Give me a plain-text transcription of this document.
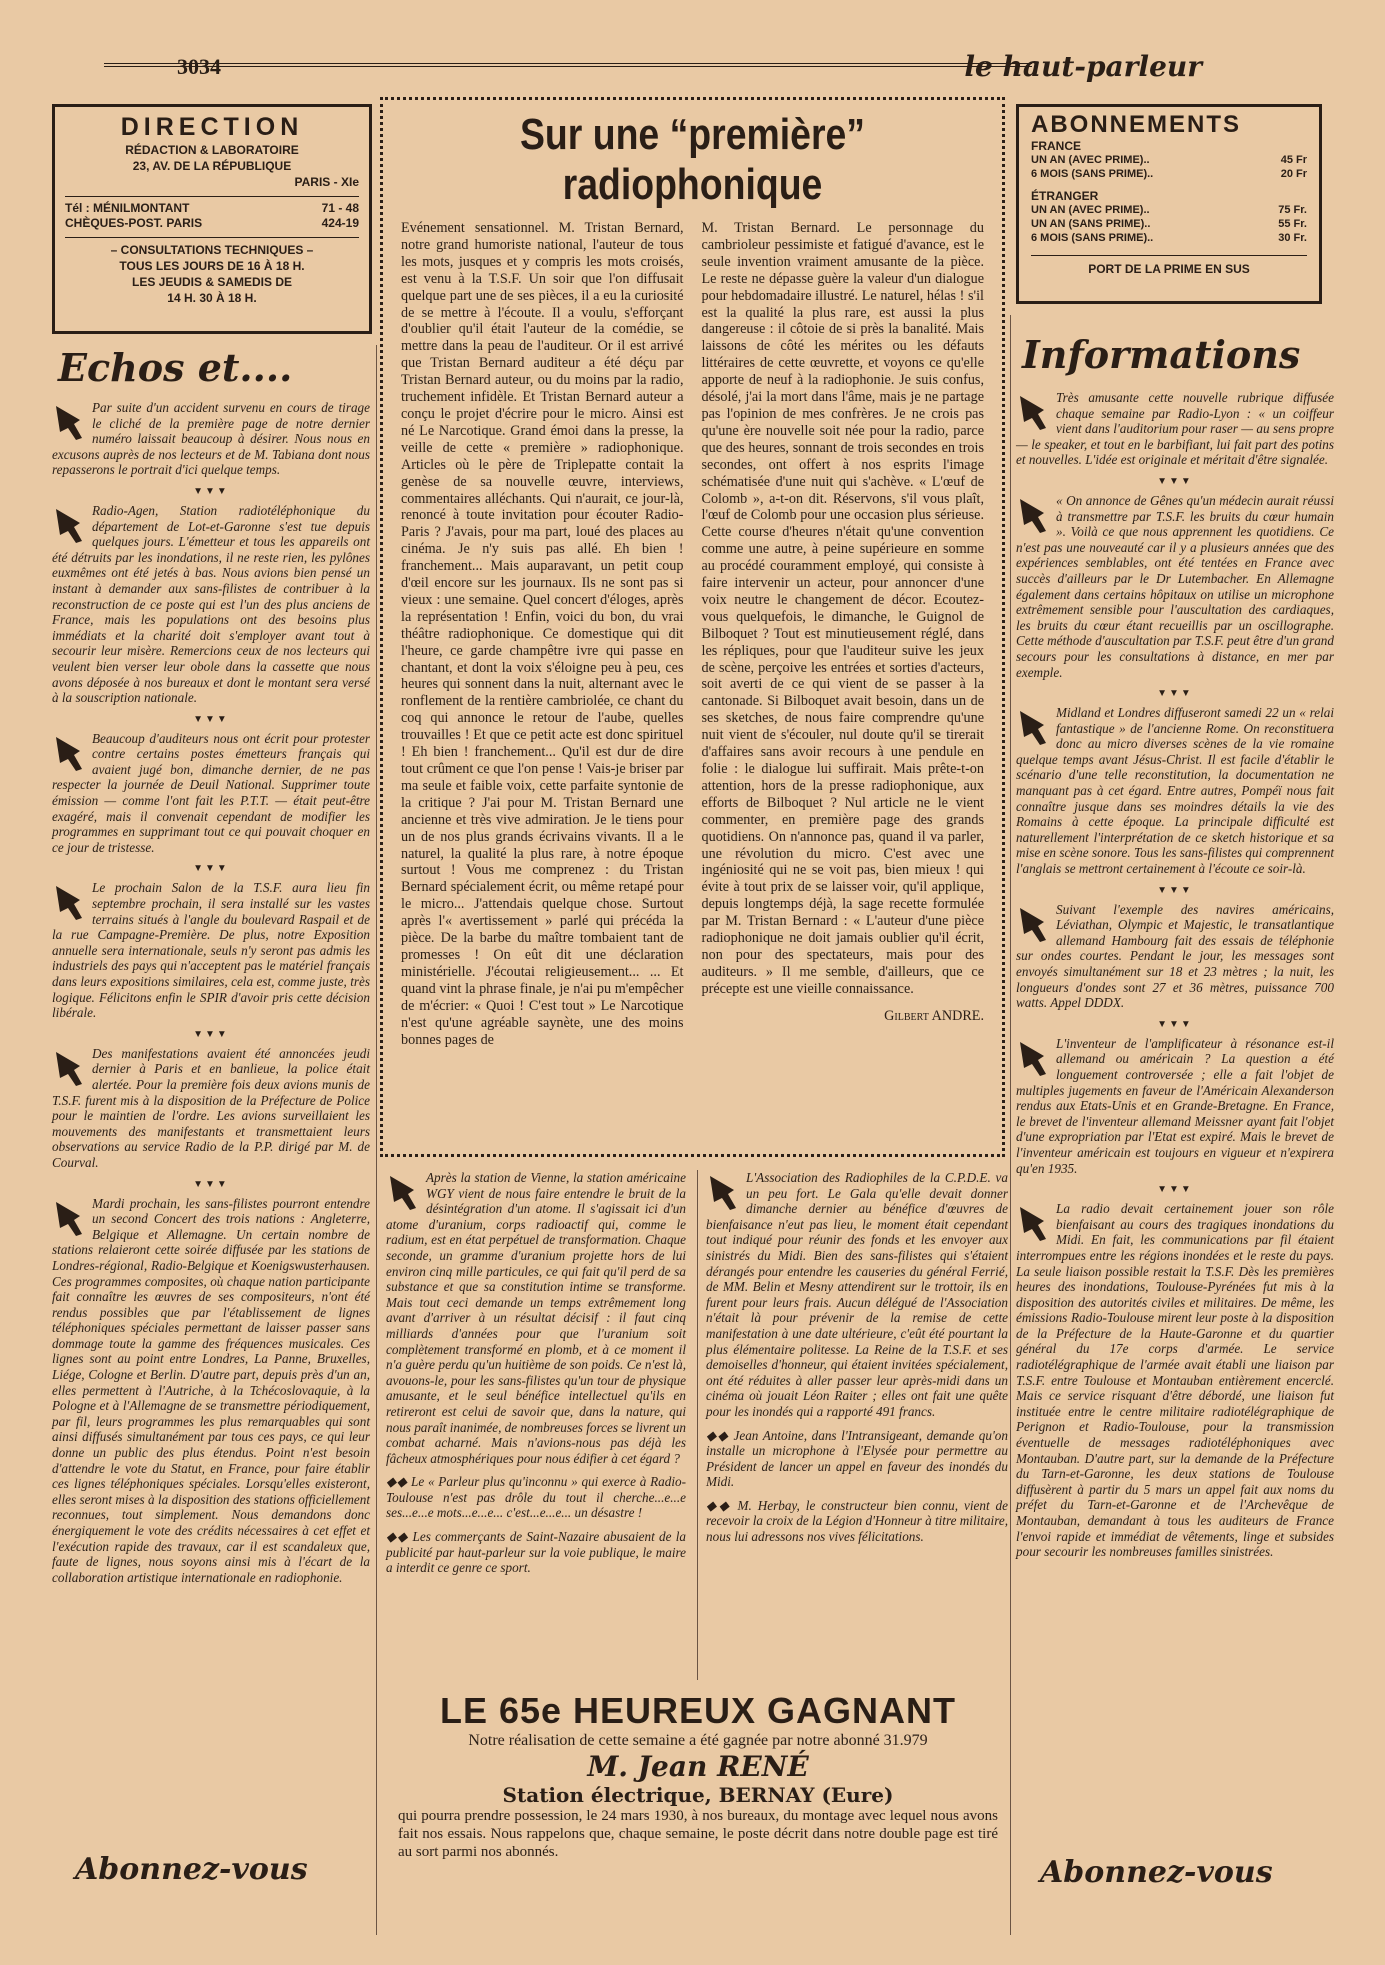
3034	le haut-parleur
DIRECTION
RÉDACTION & LABORATOIRE
23, AV. DE LA RÉPUBLIQUE
PARIS - XIe
Tél : MÉNILMONTANT	71 - 48
CHÈQUES-POST. PARIS	424-19
– CONSULTATIONS TECHNIQUES –
TOUS LES JOURS DE 16 À 18 H.
LES JEUDIS & SAMEDIS DE
14 H. 30 À 18 H.
Sur une “première” radiophonique
Evénement sensationnel. M. Tristan Bernard, notre grand humoriste national, l'auteur de tous les mots, jusques et y compris les mots croisés, est venu à la T.S.F. Un soir que l'on diffusait quelque part une de ses pièces, il a eu la curiosité de se mettre à l'écoute. Il a voulu, s'efforçant d'oublier qu'il était l'auteur de la comédie, se mettre dans la peau de l'auditeur. Or il est arrivé que Tristan Bernard auditeur a été déçu par Tristan Bernard auteur, ou du moins par la radio, truchement infidèle. Et Tristan Bernard auteur a conçu le projet d'écrire pour le micro. Ainsi est né Le Narcotique. Grand émoi dans la presse, la veille de cette « première » radiophonique. Articles où le père de Triplepatte contait la genèse de sa nouvelle œuvre, interviews, commentaires alléchants. Qui n'aurait, ce jour-là, renoncé à toute invitation pour écouter Radio-Paris ? J'avais, pour ma part, loué des places au cinéma. Je n'y suis pas allé. Eh bien ! franchement... Mais auparavant, un petit coup d'œil encore sur les journaux. Ils ne sont pas si vieux : une semaine. Quel concert d'éloges, après la représentation ! Enfin, voici du bon, du vrai théâtre radiophonique. Ce domestique qui dit l'heure, ce garde champêtre ivre qui passe en chantant, et dont la voix s'éloigne peu à peu, ces heures qui sonnent dans la nuit, alternant avec le ronflement de la rentière cambriolée, ce chant du coq qui annonce le retour de l'aube, quelles trouvailles ! Et que ce petit acte est donc spirituel ! Eh bien ! franchement... Qu'il est dur de dire tout crûment ce que l'on pense ! Vais-je briser par ma seule et faible voix, cette parfaite syntonie de la critique ? J'ai pour M. Tristan Bernard une ancienne et très vive admiration. Je le tiens pour un de nos plus grands écrivains vivants. Il a le naturel, la qualité la plus rare, à notre époque surtout ! Vous me comprenez : du Tristan Bernard spécialement écrit, ou même retapé pour le micro... J'attendais quelque chose. Surtout après l'« avertissement » parlé qui précéda la pièce. De la barbe du maître tombaient tant de promesses ! On eût dit une déclaration ministérielle. J'écoutai religieusement... ... Et quand vint la phrase finale, je n'ai pu m'empêcher de m'écrier: « Quoi ! C'est tout » Le Narcotique n'est qu'une agréable saynète, une des moins bonnes pages de
M. Tristan Bernard. Le personnage du cambrioleur pessimiste et fatigué d'avance, est le seule invention vraiment amusante de la pièce. Le reste ne dépasse guère la valeur d'un dialogue pour hebdomadaire illustré. Le naturel, hélas ! s'il est la qualité la plus rare, est aussi la plus dangereuse : il côtoie de si près la banalité. Mais laissons de côté les mérites ou les défauts littéraires de cette œuvrette, et voyons ce qu'elle apporte de neuf à la radiophonie. Je suis confus, désolé, j'ai la mort dans l'âme, mais je ne partage pas l'opinion de mes confrères. Je ne crois pas qu'une ère nouvelle soit née pour la radio, parce que des heures, sonnant de trois secondes en trois secondes, ont offert à nos esprits l'image schématisée d'une nuit qui s'achève. « L'œuf de Colomb », a-t-on dit. Réservons, s'il vous plaît, l'œuf de Colomb pour une occasion plus sérieuse. Cette course d'heures n'était qu'une convention comme une autre, à peine supérieure en somme au procédé couramment employé, qui consiste à faire intervenir un acteur, pour annoncer d'une voix neutre le changement de décor. Ecoutez-vous quelquefois, le dimanche, le Guignol de Bilboquet ? Tout est minutieusement réglé, dans les répliques, pour que l'auditeur suive les jeux de scène, perçoive les entrées et sorties d'acteurs, soit averti de ce qui vient de se passer à la cantonade. Si Bilboquet avait besoin, dans un de ses sketches, de nous faire comprendre qu'une nuit vient de s'écouler, nul doute qu'il se tirerait d'affaires sans avoir recours à une pendule en folie : le dialogue lui suffirait. Mais prête-t-on attention, hors de la presse radiophonique, aux efforts de Bilboquet ? Nul article ne le vient commenter, en première page des grands quotidiens. On n'annonce pas, quand il va parler, une révolution du micro. C'est avec une ingéniosité qui ne se voit pas, bien mieux ! qui évite à tout prix de se laisser voir, qu'il applique, depuis longtemps déjà, la sage recette formulée par M. Tristan Bernard : « L'auteur d'une pièce radiophonique ne doit jamais oublier qu'il écrit, non pour des spectateurs, mais pour des auditeurs. » Il me semble, d'ailleurs, que ce précepte est une vieille connaissance.
Gilbert ANDRE.
ABONNEMENTS
FRANCE
UN AN (AVEC PRIME)..	45 Fr
6 MOIS (SANS PRIME)..	20 Fr
ÉTRANGER
UN AN (AVEC PRIME)..	75 Fr.
UN AN (SANS PRIME)..	55 Fr.
6 MOIS (SANS PRIME)..	30 Fr.
PORT DE LA PRIME EN SUS
Echos et....
Par suite d'un accident survenu en cours de tirage le cliché de la première page de notre dernier numéro laissait beaucoup à désirer. Nous nous en excusons auprès de nos lecteurs et de M. Tabiana dont nous repasserons le portrait d'ici quelque temps.
▼▼▼
Radio-Agen, Station radiotéléphonique du département de Lot-et-Garonne s'est tue depuis quelques jours. L'émetteur et tous les appareils ont été détruits par les inondations, il ne reste rien, les pylônes euxmêmes ont été jetés à bas. Nous avions bien pensé un instant à demander aux sans-filistes de contribuer à la reconstruction de ce poste qui est l'un des plus anciens de France, mais les populations ont des besoins plus immédiats et la charité doit s'employer avant tout à secourir leur misère. Remercions ceux de nos lecteurs qui veulent bien verser leur obole dans la cassette que nous avons déposée à nos bureaux et dont le montant sera versé à la souscription nationale.
▼▼▼
Beaucoup d'auditeurs nous ont écrit pour protester contre certains postes émetteurs français qui avaient jugé bon, dimanche dernier, de ne pas respecter la journée de Deuil National. Supprimer toute émission — comme l'ont fait les P.T.T. — était peut-être exagéré, mais il convenait cependant de modifier les programmes en supprimant tout ce qui pouvait choquer en ce jour de tristesse.
▼▼▼
Le prochain Salon de la T.S.F. aura lieu fin septembre prochain, il sera installé sur les vastes terrains situés à l'angle du boulevard Raspail et de la rue Campagne-Première. De plus, notre Exposition annuelle sera internationale, seuls n'y seront pas admis les industriels des pays qui n'acceptent pas le matériel français dans leurs expositions similaires, cela est, comme juste, très logique. Félicitons enfin le SPIR d'avoir pris cette décision libérale.
▼▼▼
Des manifestations avaient été annoncées jeudi dernier à Paris et en banlieue, la police était alertée. Pour la première fois deux avions munis de T.S.F. furent mis à la disposition de la Préfecture de Police pour le maintien de l'ordre. Les avions surveillaient les mouvements des manifestants et transmettaient leurs observations au service Radio de la P.P. dirigé par M. de Courval.
▼▼▼
Mardi prochain, les sans-filistes pourront entendre un second Concert des trois nations : Angleterre, Belgique et Allemagne. Un certain nombre de stations relaieront cette soirée diffusée par les stations de Londres-régional, Radio-Belgique et Koenigswusterhausen. Ces programmes composites, où chaque nation participante fait connaître les œuvres de ses compositeurs, n'ont été rendus possibles que par l'établissement de lignes téléphoniques spéciales permettant de laisser passer sans dommage toute la gamme des fréquences musicales. Ces lignes sont au point entre Londres, La Panne, Bruxelles, Liége, Cologne et Berlin. D'autre part, depuis près d'un an, elles permettent à l'Autriche, à la Tchécoslovaquie, à la Pologne et à l'Allemagne de se transmettre périodiquement, par fil, leurs programmes les plus remarquables qui sont ainsi diffusés simultanément par tous ces pays, ce qui leur donne un public des plus étendus. Point n'est besoin d'attendre le vote du Statut, en France, pour faire établir ces lignes téléphoniques spéciales. Lorsqu'elles existeront, elles seront mises à la disposition des stations officiellement reconnues, tout simplement. Nous demandons donc énergiquement le vote des crédits nécessaires à cet effet et l'exécution rapide des travaux, car il est scandaleux que, faute de lignes, nous soyons ainsi mis à l'écart de la collaboration artistique internationale en radiophonie.
Abonnez-vous
Informations
Très amusante cette nouvelle rubrique diffusée chaque semaine par Radio-Lyon : « un coiffeur vient dans l'auditorium pour raser — au sens propre — le speaker, et tout en le barbifiant, lui fait part des potins et nouvelles. L'idée est originale et méritait d'être signalée.
▼▼▼
« On annonce de Gênes qu'un médecin aurait réussi à transmettre par T.S.F. les bruits du cœur humain ». Voilà ce que nous apprennent les quotidiens. Ce n'est pas une nouveauté car il y a plusieurs années que des expériences semblables, ont été tentées en France avec succès d'ailleurs par le Dr Lutembacher. En Allemagne également dans certains hôpitaux on utilise un microphone extrêmement sensible pour l'auscultation des cardiaques, les bruits du cœur étant recueillis par un oscillographe. Cette méthode d'auscultation par T.S.F. peut être d'un grand secours pour les consultations à distance, en mer par exemple.
▼▼▼
Midland et Londres diffuseront samedi 22 un « relai fantastique » de l'ancienne Rome. On reconstituera donc au micro diverses scènes de la vie romaine quelque temps avant Jésus-Christ. Il est facile d'établir le scénario d'une telle reconstitution, la documentation ne manquant pas à cet égard. Entre autres, Pompéï nous fait connaître jusque dans ses moindres détails la vie des Romains à cette époque. La principale difficulté est naturellement l'interprétation de ce sketch historique et sa mise en scène sonore. Tous les sans-filistes qui comprennent l'anglais se mettront certainement à l'écoute ce soir-là.
▼▼▼
Suivant l'exemple des navires américains, Léviathan, Olympic et Majestic, le transatlantique allemand Hambourg fait des essais de téléphonie sur ondes courtes. Pendant le jour, les messages sont envoyés simultanément sur 18 et 23 mètres ; la nuit, les longueurs d'ondes sont 27 et 36 mètres, puissance 700 watts. Appel DDDX.
▼▼▼
L'inventeur de l'amplificateur à résonance est-il allemand ou américain ? La question a été longuement controversée ; elle a fait l'objet de multiples jugements en faveur de l'Américain Alexanderson rendus aux Etats-Unis et en Grande-Bretagne. En France, le brevet de l'inventeur allemand Meissner ayant fait l'objet d'une expropriation par l'Etat est expiré. Mais le brevet de l'inventeur américain est toujours en vigueur et n'expirera qu'en 1935.
▼▼▼
La radio devait certainement jouer son rôle bienfaisant au cours des tragiques inondations du Midi. En fait, les communications par fil étaient interrompues entre les régions inondées et le reste du pays. La seule liaison possible restait la T.S.F. Dès les premières heures des inondations, Toulouse-Pyrénées fut mis à la disposition des autorités civiles et militaires. De même, les émissions Radio-Toulouse mirent leur poste à la disposition de la Préfecture de la Haute-Garonne et du quartier général du 17e corps d'armée. Le service radiotélégraphique de l'armée avait établi une liaison par T.S.F. entre Toulouse et Montauban entièrement encerclé. Mais ce service risquant d'être débordé, une liaison fut instituée entre le centre militaire radiotélégraphique de Perignon et Radio-Toulouse, pour la transmission éventuelle de messages radiotéléphoniques avec Montauban. D'autre part, sur la demande de la Préfecture du Tarn-et-Garonne, les deux stations de Toulouse diffusèrent à partir du 5 mars un appel fait aux noms du préfet du Tarn-et-Garonne et de l'Archevêque de Montauban, demandant à tous les auditeurs de France l'envoi rapide et immédiat de vêtements, linge et subsides pour secourir les nombreuses familles sinistrées.
Abonnez-vous
Après la station de Vienne, la station américaine WGY vient de nous faire entendre le bruit de la désintégration d'un atome. Il s'agissait ici d'un atome d'uranium, corps radioactif qui, comme le radium, est en état perpétuel de transformation. Chaque seconde, un gramme d'uranium projette hors de lui environ cinq mille particules, ce qui fait qu'il perd de sa substance et que sa constitution intime se transforme. Mais tout ceci demande un temps extrêmement long avant d'arriver à un résultat décisif : il faut cinq milliards d'années pour que l'uranium soit complètement transformé en plomb, et à ce moment il n'a guère perdu qu'un huitième de son poids. Ce n'est là, avouons-le, pour les sans-filistes qu'un tour de physique amusante, et le seul bénéfice intellectuel qu'ils en retireront est celui de savoir que, dans la nature, qui nous paraît inanimée, de nombreuses forces se livrent un combat acharné. Mais n'avions-nous pas déjà les fâcheux atmosphériques pour nous édifier à cet égard ?
◆◆ Le « Parleur plus qu'inconnu » qui exerce à Radio-Toulouse n'est pas drôle du tout il cherche...e...e ses...e...e mots...e...e... c'est...e...e... un désastre !
◆◆ Les commerçants de Saint-Nazaire abusaient de la publicité par haut-parleur sur la voie publique, le maire a interdit ce genre ce sport.
L'Association des Radiophiles de la C.P.D.E. va un peu fort. Le Gala qu'elle devait donner dimanche dernier au bénéfice d'œuvres de bienfaisance n'eut pas lieu, le moment était cependant tout indiqué pour réunir des fonds et les envoyer aux sinistrés du Midi. Bien des sans-filistes qui s'étaient dérangés pour entendre les causeries du général Ferrié, de MM. Belin et Mesny attendirent sur le trottoir, ils en furent pour leurs frais. Aucun délégué de l'Association n'était là pour prévenir de la remise de cette manifestation à une date ultérieure, c'eût été pourtant la plus élémentaire politesse. La Reine de la T.S.F. et ses demoiselles d'honneur, qui étaient invitées spécialement, ont été réduites à aller passer leur après-midi dans un cinéma où jouait Léon Raiter ; elles ont fait une quête pour les inondés qui a rapporté 491 francs.
◆◆ Jean Antoine, dans l'Intransigeant, demande qu'on installe un microphone à l'Elysée pour permettre au Président de lancer un appel en faveur des inondés du Midi.
◆◆ M. Herbay, le constructeur bien connu, vient de recevoir la croix de la Légion d'Honneur à titre militaire, nous lui adressons nos vives félicitations.
LE 65e HEUREUX GAGNANT
Notre réalisation de cette semaine a été gagnée par notre abonné 31.979
M. Jean RENÉ
Station électrique, BERNAY (Eure)
qui pourra prendre possession, le 24 mars 1930, à nos bureaux, du montage avec lequel nous avons fait nos essais. Nous rappelons que, chaque semaine, le poste décrit dans notre double page est tiré au sort parmi nos abonnés.
